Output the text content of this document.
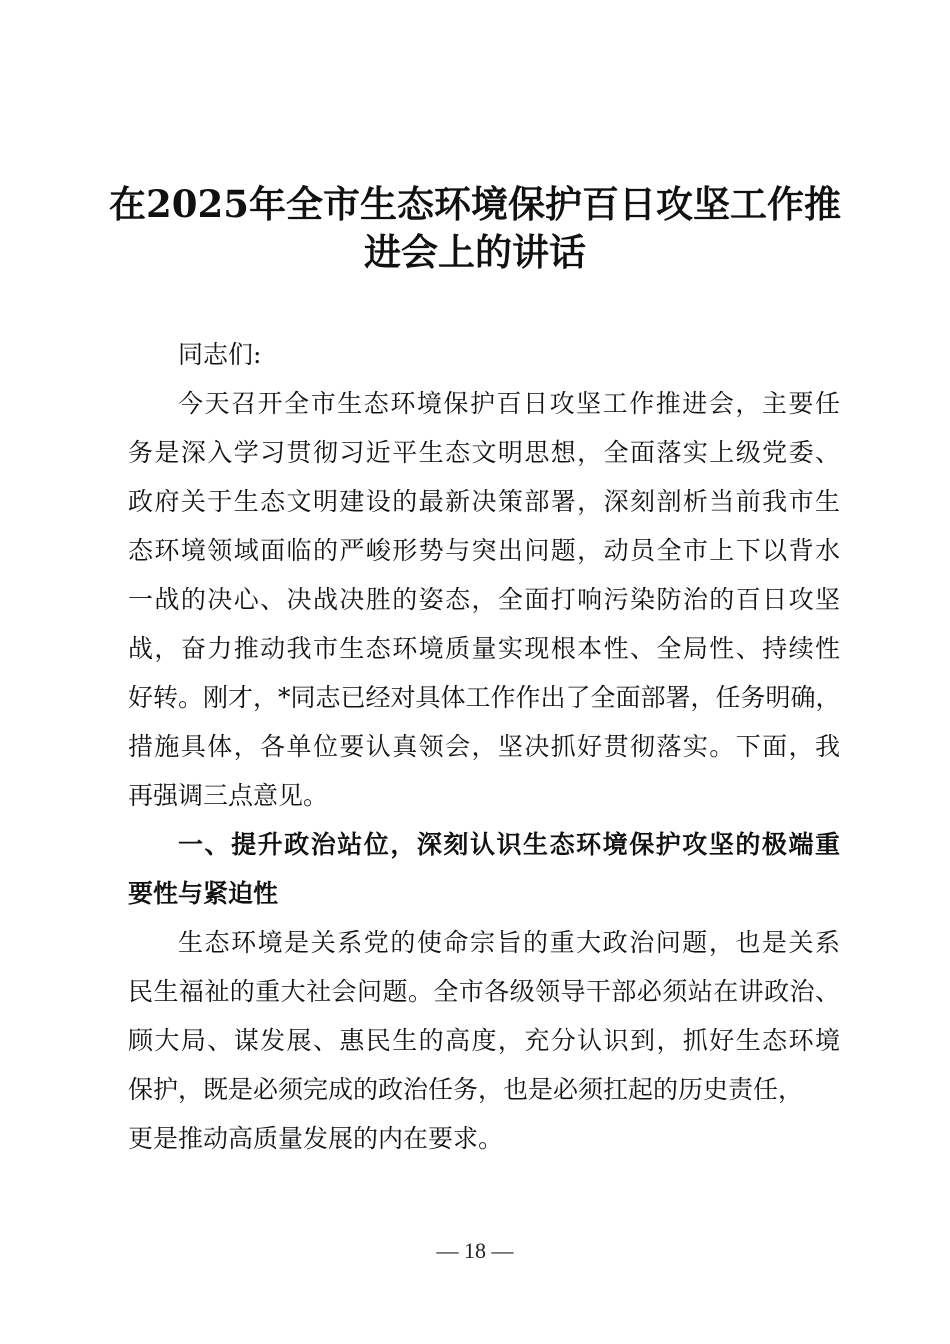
在2025年全市生态环境保护百日攻坚工作推
进会上的讲话
同志们:
今天召开全市生态环境保护百日攻坚工作推进会，主要任
务是深入学习贯彻习近平生态文明思想，全面落实上级党委、
政府关于生态文明建设的最新决策部署，深刻剖析当前我市生
态环境领域面临的严峻形势与突出问题，动员全市上下以背水
一战的决心、决战决胜的姿态，全面打响污染防治的百日攻坚
战，奋力推动我市生态环境质量实现根本性、全局性、持续性
好转。刚才，*同志已经对具体工作作出了全面部署，任务明确，
措施具体，各单位要认真领会，坚决抓好贯彻落实。下面，我
再强调三点意见。
一、提升政治站位，深刻认识生态环境保护攻坚的极端重
要性与紧迫性
生态环境是关系党的使命宗旨的重大政治问题，也是关系
民生福祉的重大社会问题。全市各级领导干部必须站在讲政治、
顾大局、谋发展、惠民生的高度，充分认识到，抓好生态环境
保护，既是必须完成的政治任务，也是必须扛起的历史责任，
更是推动高质量发展的内在要求。
— 18 —
